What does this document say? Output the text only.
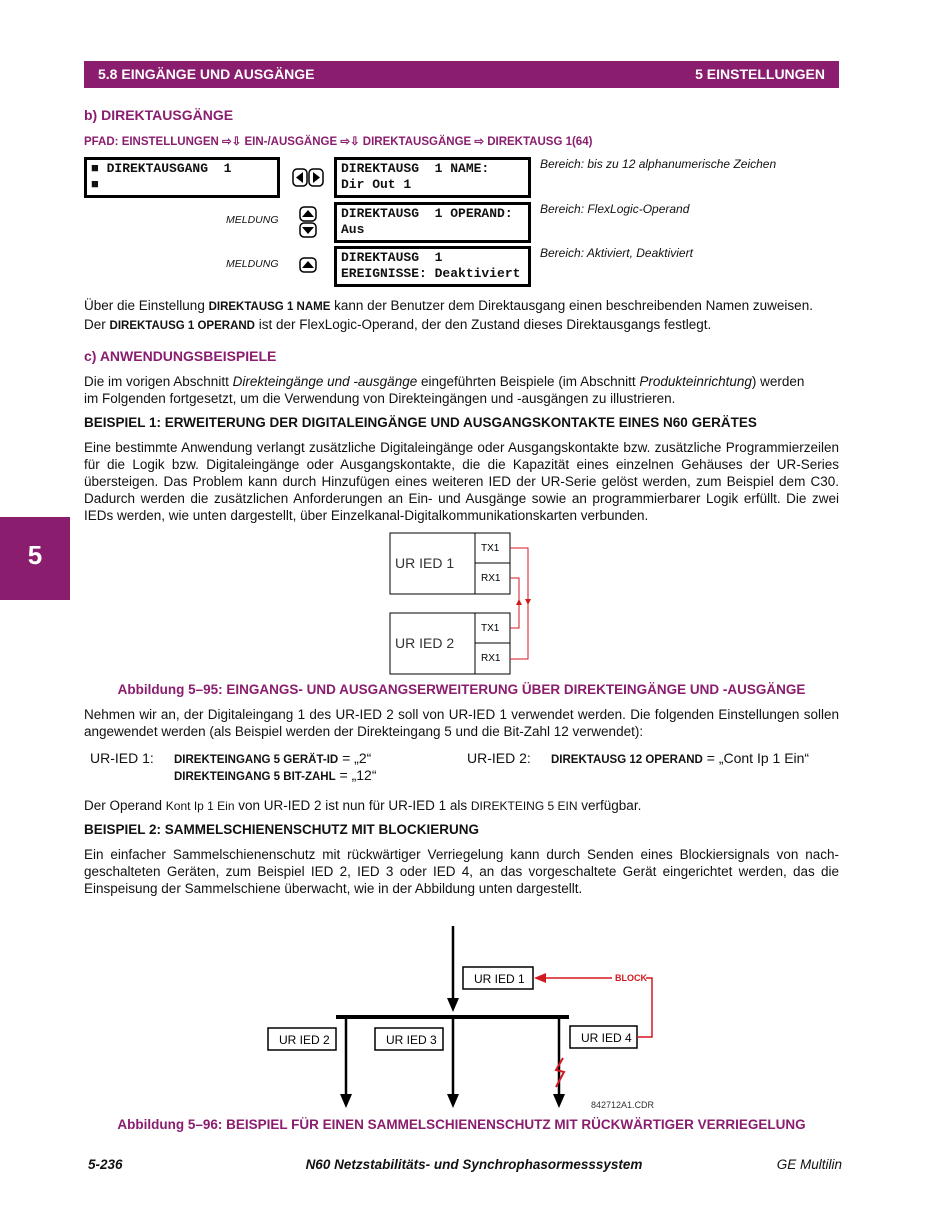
5.8 EINGÄNGE UND AUSGÄNGE	5 EINSTELLUNGEN
5
b) DIREKTAUSGÄNGE
PFAD: EINSTELLUNGEN ⇨⇩ EIN-/AUSGÄNGE ⇨⇩ DIREKTAUSGÄNGE ⇨ DIREKTAUSG 1(64)
■ DIREKTAUSGANG  1
■
DIREKTAUSG  1 NAME:
Dir Out 1
Bereich: bis zu 12 alphanumerische Zeichen
DIREKTAUSG  1 OPERAND:
Aus
Bereich: FlexLogic-Operand
MELDUNG
DIREKTAUSG  1
EREIGNISSE: Deaktiviert
Bereich: Aktiviert, Deaktiviert
MELDUNG
Über die Einstellung DIREKTAUSG 1 NAME kann der Benutzer dem Direktausgang einen beschreibenden Namen zuweisen.
Der DIREKTAUSG 1 OPERAND ist der FlexLogic-Operand, der den Zustand dieses Direktausgangs festlegt.
c) ANWENDUNGSBEISPIELE
Die im vorigen Abschnitt Direkteingänge und -ausgänge eingeführten Beispiele (im Abschnitt Produkteinrichtung) werden
im Folgenden fortgesetzt, um die Verwendung von Direkteingängen und -ausgängen zu illustrieren.
BEISPIEL 1: ERWEITERUNG DER DIGITALEINGÄNGE UND AUSGANGSKONTAKTE EINES N60 GERÄTES
Eine bestimmte Anwendung verlangt zusätzliche Digitaleingänge oder Ausgangskontakte bzw. zusätzliche Programmierzeilen für die Logik bzw. Digitaleingänge oder Ausgangskontakte, die die Kapazität eines einzelnen Gehäuses der UR-Series übersteigen. Das Problem kann durch Hinzufügen eines weiteren IED der UR-Serie gelöst werden, zum Beispiel dem C30. Dadurch werden die zusätzlichen Anforderungen an Ein- und Ausgänge sowie an programmierbarer Logik erfüllt. Die zwei IEDs werden, wie unten dargestellt, über Einzelkanal-Digitalkommunikationskarten verbunden.
UR IED 1
UR IED 2
TX1
RX1
TX1
RX1
Abbildung 5–95: EINGANGS- UND AUSGANGSERWEITERUNG ÜBER DIREKTEINGÄNGE UND -AUSGÄNGE
Nehmen wir an, der Digitaleingang 1 des UR-IED 2 soll von UR-IED 1 verwendet werden. Die folgenden Einstellungen sollen angewendet werden (als Beispiel werden der Direkteingang 5 und die Bit-Zahl 12 verwendet):
UR-IED 1: DIREKTEINGANG 5 GERÄT-ID = „2“
DIREKTEINGANG 5 BIT-ZAHL = „12“
UR-IED 2: DIREKTAUSG 12 OPERAND = „Cont Ip 1 Ein“
Der Operand Kont Ip 1 Ein von UR-IED 2 ist nun für UR-IED 1 als DIREKTEING 5 EIN verfügbar.
BEISPIEL 2: SAMMELSCHIENENSCHUTZ MIT BLOCKIERUNG
Ein einfacher Sammelschienenschutz mit rückwärtiger Verriegelung kann durch Senden eines Blockiersignals von nachgeschalteten Geräten, zum Beispiel IED 2, IED 3 oder IED 4, an das vorgeschaltete Gerät eingerichtet werden, das die Einspeisung der Sammelschiene überwacht, wie in der Abbildung unten dargestellt.
UR IED 1
UR IED 2	UR IED 3	UR IED 4
BLOCK
842712A1.CDR
Abbildung 5–96: BEISPIEL FÜR EINEN SAMMELSCHIENENSCHUTZ MIT RÜCKWÄRTIGER VERRIEGELUNG
5-236	N60 Netzstabilitäts- und Synchrophasormesssystem	GE Multilin
